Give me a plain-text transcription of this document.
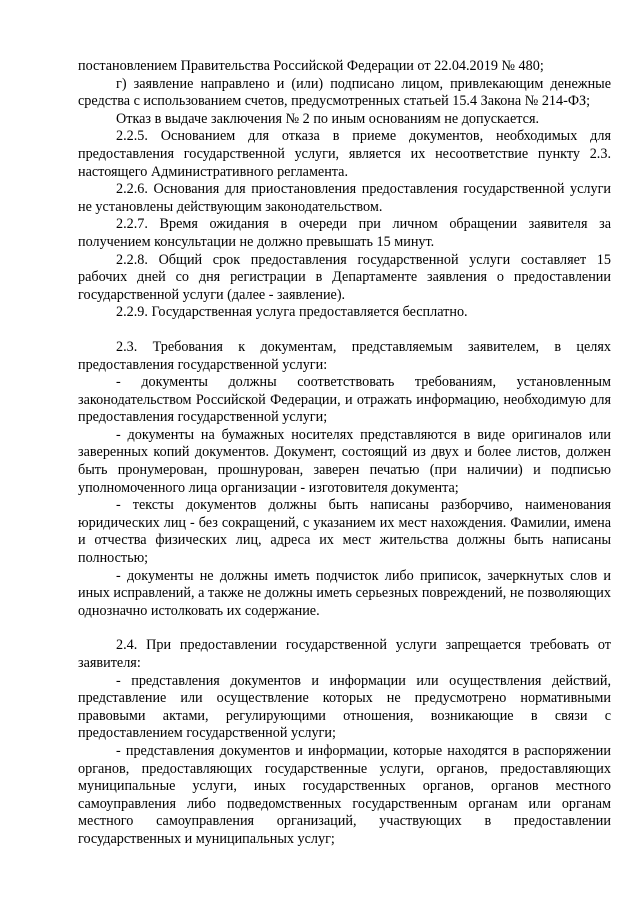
постановлением Правительства Российской Федерации от 22.04.2019 № 480;

г) заявление направлено и (или) подписано лицом, привлекающим денежные средства с использованием счетов, предусмотренных статьей 15.4 Закона № 214-ФЗ;

Отказ в выдаче заключения № 2 по иным основаниям не допускается.

2.2.5. Основанием для отказа в приеме документов, необходимых для предоставления государственной услуги, является их несоответствие пункту 2.3. настоящего Административного регламента.

2.2.6. Основания для приостановления предоставления государственной услуги не установлены действующим законодательством.

2.2.7. Время ожидания в очереди при личном обращении заявителя за получением консультации не должно превышать 15 минут.

2.2.8. Общий срок предоставления государственной услуги составляет 15 рабочих дней со дня регистрации в Департаменте заявления о предоставлении государственной услуги (далее - заявление).

2.2.9. Государственная услуга предоставляется бесплатно.

2.3. Требования к документам, представляемым заявителем, в целях предоставления государственной услуги:

- документы должны соответствовать требованиям, установленным законодательством Российской Федерации, и отражать информацию, необходимую для предоставления государственной услуги;

- документы на бумажных носителях представляются в виде оригиналов или заверенных копий документов. Документ, состоящий из двух и более листов, должен быть пронумерован, прошнурован, заверен печатью (при наличии) и подписью уполномоченного лица организации - изготовителя документа;

- тексты документов должны быть написаны разборчиво, наименования юридических лиц - без сокращений, с указанием их мест нахождения. Фамилии, имена и отчества физических лиц, адреса их мест жительства должны быть написаны полностью;

- документы не должны иметь подчисток либо приписок, зачеркнутых слов и иных исправлений, а также не должны иметь серьезных повреждений, не позволяющих однозначно истолковать их содержание.

2.4. При предоставлении государственной услуги запрещается требовать от заявителя:

- представления документов и информации или осуществления действий, представление или осуществление которых не предусмотрено нормативными правовыми актами, регулирующими отношения, возникающие в связи с предоставлением государственной услуги;

- представления документов и информации, которые находятся в распоряжении органов, предоставляющих государственные услуги, органов, предоставляющих муниципальные услуги, иных государственных органов, органов местного самоуправления либо подведомственных государственным органам или органам местного самоуправления организаций, участвующих в предоставлении государственных и муниципальных услуг;
